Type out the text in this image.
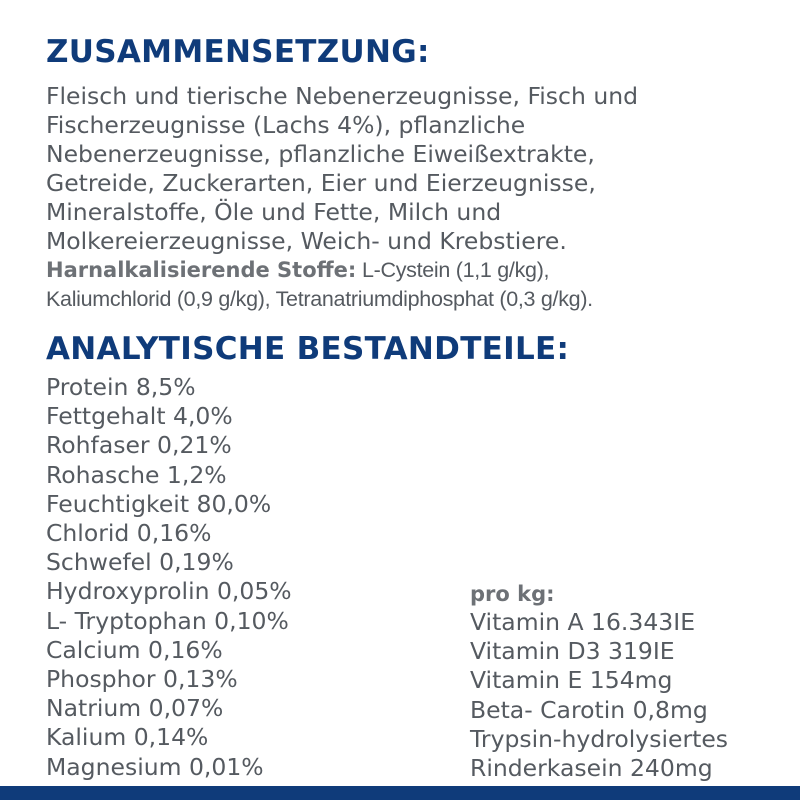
ZUSAMMENSETZUNG:
Fleisch und tierische Nebenerzeugnisse, Fisch und
Fischerzeugnisse (Lachs 4%), pflanzliche
Nebenerzeugnisse, pflanzliche Eiweißextrakte,
Getreide, Zuckerarten, Eier und Eierzeugnisse,
Mineralstoffe, Öle und Fette, Milch und
Molkereierzeugnisse, Weich- und Krebstiere.
Harnalkalisierende Stoffe: L-Cystein (1,1 g/kg),
Kaliumchlorid (0,9 g/kg), Tetranatriumdiphosphat (0,3 g/kg).
ANALYTISCHE BESTANDTEILE:
Protein 8,5%
Fettgehalt 4,0%
Rohfaser 0,21%
Rohasche 1,2%
Feuchtigkeit 80,0%
Chlorid 0,16%
Schwefel 0,19%
Hydroxyprolin 0,05%
L- Tryptophan 0,10%
Calcium 0,16%
Phosphor 0,13%
Natrium 0,07%
Kalium 0,14%
Magnesium 0,01%
pro kg:
Vitamin A 16.343IE
Vitamin D3 319IE
Vitamin E 154mg
Beta- Carotin 0,8mg
Trypsin-hydrolysiertes
Rinderkasein 240mg
